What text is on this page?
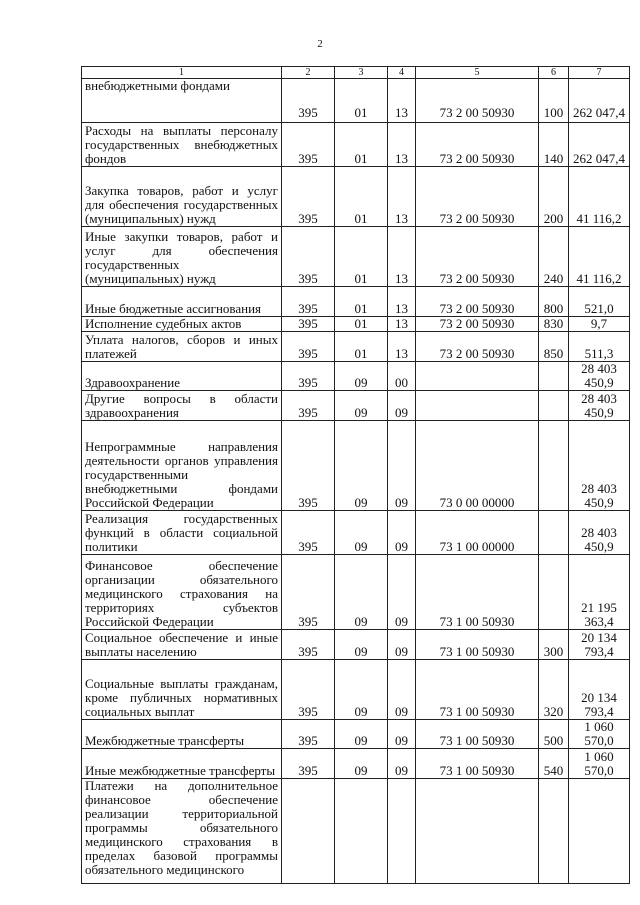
2
1	2	3	4	5	6	7
внебюджетными фондами	395	01	13	73 2 00 50930	100	262 047,4
Расходы на выплаты персоналу государственных внебюджетных фондов	395	01	13	73 2 00 50930	140	262 047,4
Закупка товаров, работ и услуг для обеспечения государственных (муниципальных) нужд	395	01	13	73 2 00 50930	200	41 116,2
Иные закупки товаров, работ и услуг для обеспечения государственных (муниципальных) нужд	395	01	13	73 2 00 50930	240	41 116,2
Иные бюджетные ассигнования	395	01	13	73 2 00 50930	800	521,0
Исполнение судебных актов	395	01	13	73 2 00 50930	830	9,7
Уплата налогов, сборов и иных платежей	395	01	13	73 2 00 50930	850	511,3
Здравоохранение	395	09	00			28 403 450,9
Другие вопросы в области здравоохранения	395	09	09			28 403 450,9
Непрограммные направления деятельности органов управления государственными внебюджетными фондами Российской Федерации	395	09	09	73 0 00 00000		28 403 450,9
Реализация государственных функций в области социальной политики	395	09	09	73 1 00 00000		28 403 450,9
Финансовое обеспечение организации обязательного медицинского страхования на территориях субъектов Российской Федерации	395	09	09	73 1 00 50930		21 195 363,4
Социальное обеспечение и иные выплаты населению	395	09	09	73 1 00 50930	300	20 134 793,4
Социальные выплаты гражданам, кроме публичных нормативных социальных выплат	395	09	09	73 1 00 50930	320	20 134 793,4
Межбюджетные трансферты	395	09	09	73 1 00 50930	500	1 060 570,0
Иные межбюджетные трансферты	395	09	09	73 1 00 50930	540	1 060 570,0
Платежи на дополнительное финансовое обеспечение реализации территориальной программы обязательного медицинского страхования в пределах базовой программы обязательного медицинского						
